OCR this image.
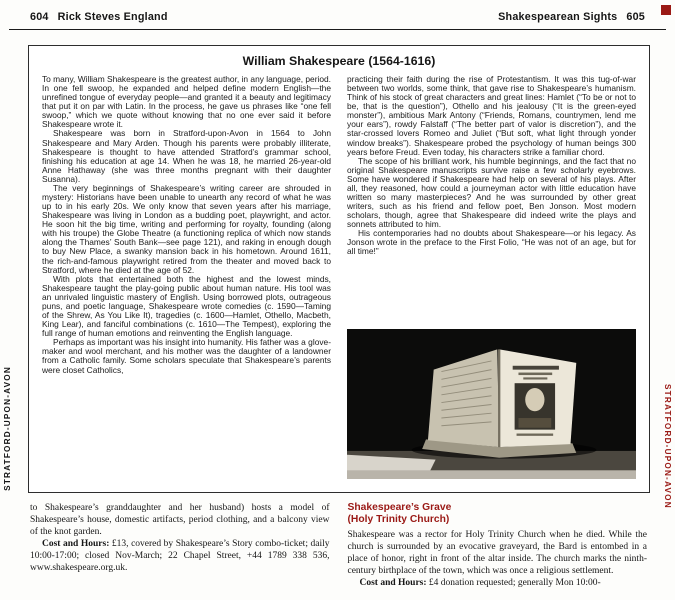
604 Rick Steves England	Shakespearean Sights 605
STRATFORD-UPON-AVON	STRATFORD-UPON-AVON
William Shakespeare (1564-1616)

To many, William Shakespeare is the greatest author, in any language, period. In one fell swoop, he expanded and helped define modern English—the unrefined tongue of everyday people—and granted it a beauty and legitimacy that put it on par with Latin. In the process, he gave us phrases like “one fell swoop,” which we quote without knowing that no one ever said it before Shakespeare wrote it.

Shakespeare was born in Stratford-upon-Avon in 1564 to John Shakespeare and Mary Arden. Though his parents were probably illiterate, Shakespeare is thought to have attended Stratford’s grammar school, finishing his education at age 14. When he was 18, he married 26-year-old Anne Hathaway (she was three months pregnant with their daughter Susanna).

The very beginnings of Shakespeare’s writing career are shrouded in mystery: Historians have been unable to unearth any record of what he was up to in his early 20s. We only know that seven years after his marriage, Shakespeare was living in London as a budding poet, playwright, and actor. He soon hit the big time, writing and performing for royalty, founding (along with his troupe) the Globe Theatre (a functioning replica of which now stands along the Thames’ South Bank—see page 121), and raking in enough dough to buy New Place, a swanky mansion back in his hometown. Around 1611, the rich-and-famous playwright retired from the theater and moved back to Stratford, where he died at the age of 52.

With plots that entertained both the highest and the lowest minds, Shakespeare taught the play-going public about human nature. His tool was an unrivaled linguistic mastery of English. Using borrowed plots, outrageous puns, and poetic language, Shakespeare wrote comedies (c. 1590—Taming of the Shrew, As You Like It), tragedies (c. 1600—Hamlet, Othello, Macbeth, King Lear), and fanciful combinations (c. 1610—The Tempest), exploring the full range of human emotions and reinventing the English language.

Perhaps as important was his insight into humanity. His father was a glove-maker and wool merchant, and his mother was the daughter of a landowner from a Catholic family. Some scholars speculate that Shakespeare’s parents were closet Catholics,

practicing their faith during the rise of Protestantism. It was this tug-of-war between two worlds, some think, that gave rise to Shakespeare’s humanism. Think of his stock of great characters and great lines: Hamlet (“To be or not to be, that is the question”), Othello and his jealousy (“It is the green-eyed monster”), ambitious Mark Antony (“Friends, Romans, countrymen, lend me your ears”), rowdy Falstaff (“The better part of valor is discretion”), and the star-crossed lovers Romeo and Juliet (“But soft, what light through yonder window breaks”). Shakespeare probed the psychology of human beings 300 years before Freud. Even today, his characters strike a familiar chord.

The scope of his brilliant work, his humble beginnings, and the fact that no original Shakespeare manuscripts survive raise a few scholarly eyebrows. Some have wondered if Shakespeare had help on several of his plays. After all, they reasoned, how could a journeyman actor with little education have written so many masterpieces? And he was surrounded by other great writers, such as his friend and fellow poet, Ben Jonson. Most modern scholars, though, agree that Shakespeare did indeed write the plays and sonnets attributed to him.

His contemporaries had no doubts about Shakespeare—or his legacy. As Jonson wrote in the preface to the First Folio, “He was not of an age, but for all time!”

to Shakespeare’s granddaughter and her husband) hosts a model of Shakespeare’s house, domestic artifacts, period clothing, and a balcony view of the knot garden.

Cost and Hours: £13, covered by Shakespeare’s Story combo-ticket; daily 10:00-17:00; closed Nov-March; 22 Chapel Street, +44 1789 338 536, www.shakespeare.org.uk.

Shakespeare’s Grave
(Holy Trinity Church)

Shakespeare was a rector for Holy Trinity Church when he died. While the church is surrounded by an evocative graveyard, the Bard is entombed in a place of honor, right in front of the altar inside. The church marks the ninth-century birthplace of the town, which was once a religious settlement.

Cost and Hours: £4 donation requested; generally Mon 10:00-
